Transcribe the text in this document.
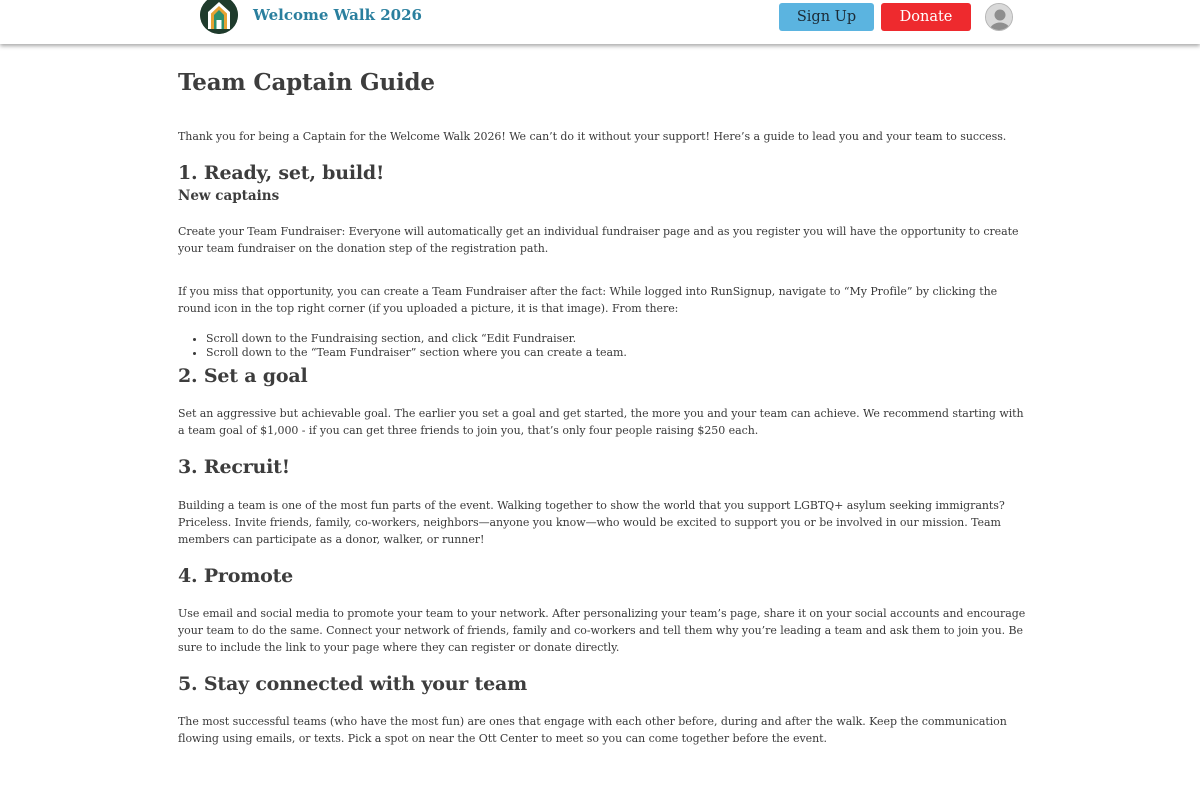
Welcome Walk 2026	Sign Up	Donate
Team Captain Guide

Thank you for being a Captain for the Welcome Walk 2026! We can’t do it without your support! Here’s a guide to lead you and your team to success.

1. Ready, set, build!
New captains

Create your Team Fundraiser: Everyone will automatically get an individual fundraiser page and as you register you will have the opportunity to create your team fundraiser on the donation step of the registration path.

If you miss that opportunity, you can create a Team Fundraiser after the fact: While logged into RunSignup, navigate to “My Profile” by clicking the round icon in the top right corner (if you uploaded a picture, it is that image). From there:

• Scroll down to the Fundraising section, and click “Edit Fundraiser.
• Scroll down to the “Team Fundraiser” section where you can create a team.
2. Set a goal

Set an aggressive but achievable goal. The earlier you set a goal and get started, the more you and your team can achieve. We recommend starting with a team goal of $1,000 - if you can get three friends to join you, that’s only four people raising $250 each.

3. Recruit!

Building a team is one of the most fun parts of the event. Walking together to show the world that you support LGBTQ+ asylum seeking immigrants? Priceless. Invite friends, family, co-workers, neighbors—anyone you know—who would be excited to support you or be involved in our mission. Team members can participate as a donor, walker, or runner!

4. Promote

Use email and social media to promote your team to your network. After personalizing your team’s page, share it on your social accounts and encourage your team to do the same. Connect your network of friends, family and co-workers and tell them why you’re leading a team and ask them to join you. Be sure to include the link to your page where they can register or donate directly.

5. Stay connected with your team

The most successful teams (who have the most fun) are ones that engage with each other before, during and after the walk. Keep the communication flowing using emails, or texts. Pick a spot on near the Ott Center to meet so you can come together before the event.
